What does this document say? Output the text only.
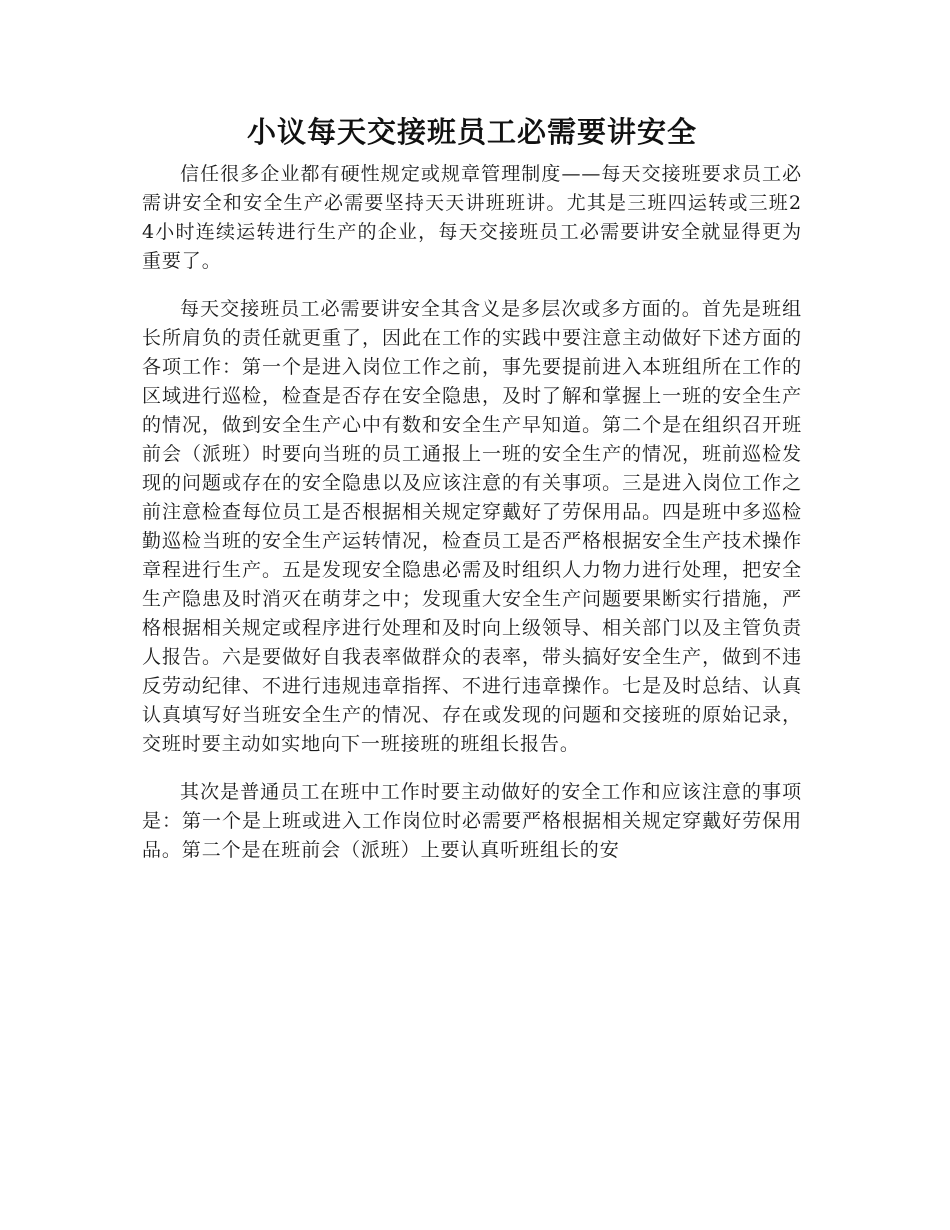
小议每天交接班员工必需要讲安全

信任很多企业都有硬性规定或规章管理制度——每天交接班要求员工必需讲安全和安全生产必需要坚持天天讲班班讲。尤其是三班四运转或三班24小时连续运转进行生产的企业，每天交接班员工必需要讲安全就显得更为重要了。

每天交接班员工必需要讲安全其含义是多层次或多方面的。首先是班组长所肩负的责任就更重了，因此在工作的实践中要注意主动做好下述方面的各项工作：第一个是进入岗位工作之前，事先要提前进入本班组所在工作的区域进行巡检，检查是否存在安全隐患，及时了解和掌握上一班的安全生产的情况，做到安全生产心中有数和安全生产早知道。第二个是在组织召开班前会（派班）时要向当班的员工通报上一班的安全生产的情况，班前巡检发现的问题或存在的安全隐患以及应该注意的有关事项。三是进入岗位工作之前注意检查每位员工是否根据相关规定穿戴好了劳保用品。四是班中多巡检勤巡检当班的安全生产运转情况，检查员工是否严格根据安全生产技术操作章程进行生产。五是发现安全隐患必需及时组织人力物力进行处理，把安全生产隐患及时消灭在萌芽之中；发现重大安全生产问题要果断实行措施，严格根据相关规定或程序进行处理和及时向上级领导、相关部门以及主管负责人报告。六是要做好自我表率做群众的表率，带头搞好安全生产，做到不违反劳动纪律、不进行违规违章指挥、不进行违章操作。七是及时总结、认真认真填写好当班安全生产的情况、存在或发现的问题和交接班的原始记录，交班时要主动如实地向下一班接班的班组长报告。

其次是普通员工在班中工作时要主动做好的安全工作和应该注意的事项是：第一个是上班或进入工作岗位时必需要严格根据相关规定穿戴好劳保用品。第二个是在班前会（派班）上要认真听班组长的安
